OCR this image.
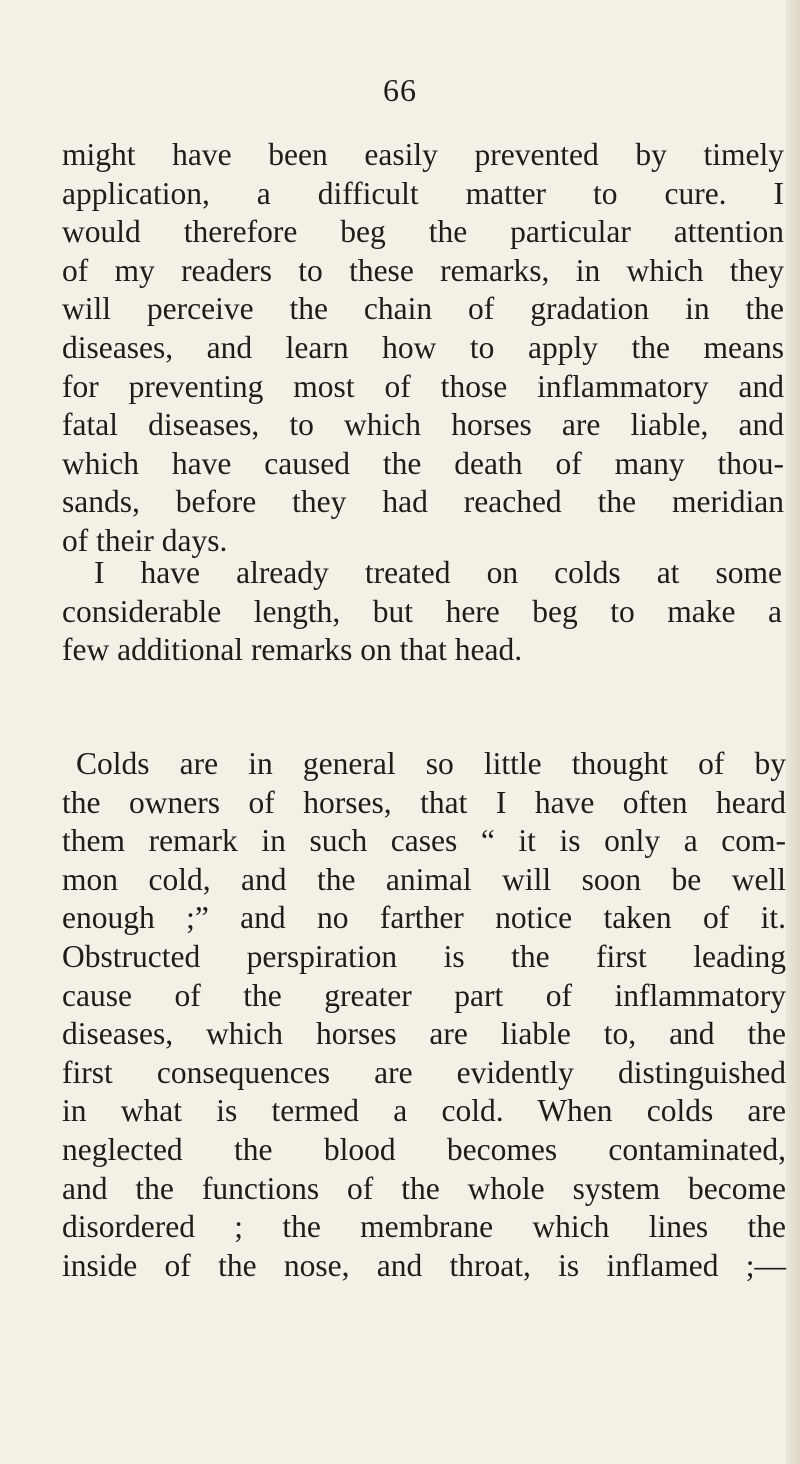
66
might have been easily prevented by timely
application, a difficult matter to cure. I
would therefore beg the particular attention
of my readers to these remarks, in which they
will perceive the chain of gradation in the
diseases, and learn how to apply the means
for preventing most of those inflammatory and
fatal diseases, to which horses are liable, and
which have caused the death of many thou-
sands, before they had reached the meridian
of their days.
I have already treated on colds at some
considerable length, but here beg to make a
few additional remarks on that head.
Colds are in general so little thought of by
the owners of horses, that I have often heard
them remark in such cases “ it is only a com-
mon cold, and the animal will soon be well
enough ;” and no farther notice taken of it.
Obstructed perspiration is the first leading
cause of the greater part of inflammatory
diseases, which horses are liable to, and the
first consequences are evidently distinguished
in what is termed a cold. When colds are
neglected the blood becomes contaminated,
and the functions of the whole system become
disordered ; the membrane which lines the
inside of the nose, and throat, is inflamed ;—
